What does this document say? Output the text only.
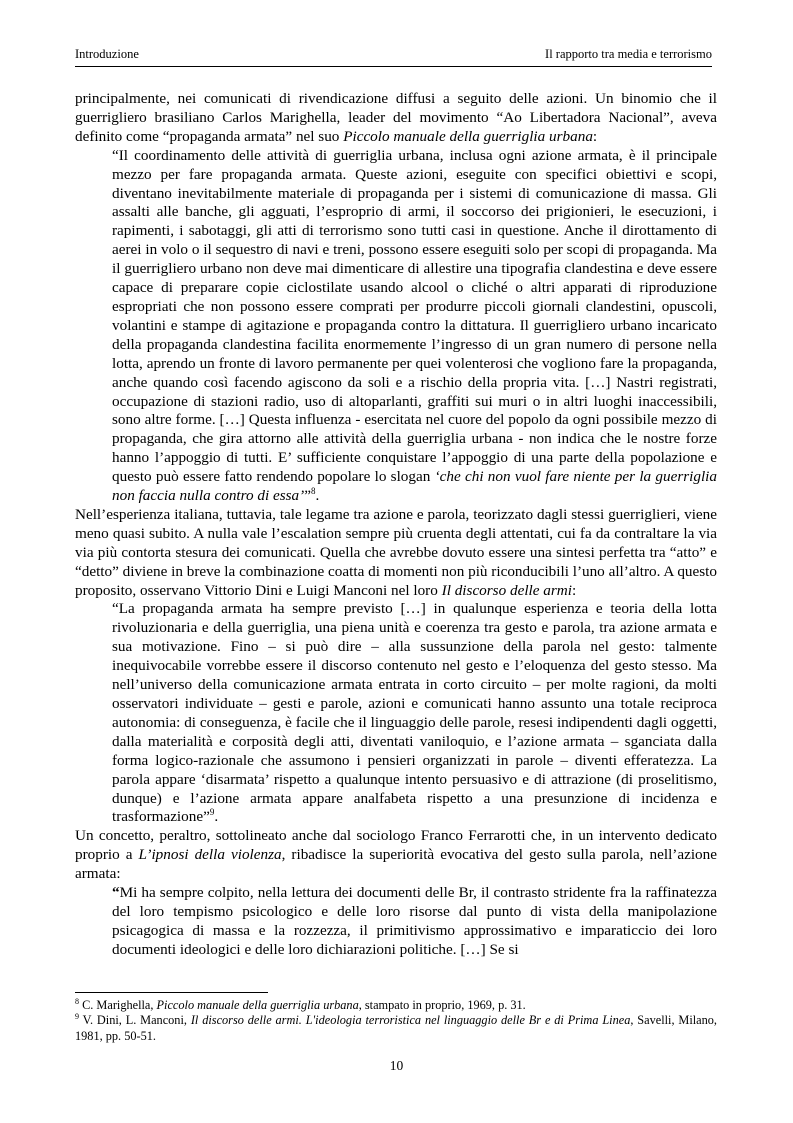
Introduzione	Il rapporto tra media e terrorismo

principalmente, nei comunicati di rivendicazione diffusi a seguito delle azioni. Un binomio che il guerrigliero brasiliano Carlos Marighella, leader del movimento “Ao Libertadora Nacional”, aveva definito come “propaganda armata” nel suo Piccolo manuale della guerriglia urbana:

“Il coordinamento delle attività di guerriglia urbana, inclusa ogni azione armata, è il principale mezzo per fare propaganda armata. Queste azioni, eseguite con specifici obiettivi e scopi, diventano inevitabilmente materiale di propaganda per i sistemi di comunicazione di massa. Gli assalti alle banche, gli agguati, l’esproprio di armi, il soccorso dei prigionieri, le esecuzioni, i rapimenti, i sabotaggi, gli atti di terrorismo sono tutti casi in questione. Anche il dirottamento di aerei in volo o il sequestro di navi e treni, possono essere eseguiti solo per scopi di propaganda. Ma il guerrigliero urbano non deve mai dimenticare di allestire una tipografia clandestina e deve essere capace di preparare copie ciclostilate usando alcool o cliché o altri apparati di riproduzione espropriati che non possono essere comprati per produrre piccoli giornali clandestini, opuscoli, volantini e stampe di agitazione e propaganda contro la dittatura. Il guerrigliero urbano incaricato della propaganda clandestina facilita enormemente l’ingresso di un gran numero di persone nella lotta, aprendo un fronte di lavoro permanente per quei volenterosi che vogliono fare la propaganda, anche quando così facendo agiscono da soli e a rischio della propria vita. […] Nastri registrati, occupazione di stazioni radio, uso di altoparlanti, graffiti sui muri o in altri luoghi inaccessibili, sono altre forme. […] Questa influenza - esercitata nel cuore del popolo da ogni possibile mezzo di propaganda, che gira attorno alle attività della guerriglia urbana - non indica che le nostre forze hanno l’appoggio di tutti. E’ sufficiente conquistare l’appoggio di una parte della popolazione e questo può essere fatto rendendo popolare lo slogan ‘che chi non vuol fare niente per la guerriglia non faccia nulla contro di essa’”$^8$.

Nell’esperienza italiana, tuttavia, tale legame tra azione e parola, teorizzato dagli stessi guerriglieri, viene meno quasi subito. A nulla vale l’escalation sempre più cruenta degli attentati, cui fa da contraltare la via via più contorta stesura dei comunicati. Quella che avrebbe dovuto essere una sintesi perfetta tra “atto” e “detto” diviene in breve la combinazione coatta di momenti non più riconducibili l’uno all’altro. A questo proposito, osservano Vittorio Dini e Luigi Manconi nel loro Il discorso delle armi:

“La propaganda armata ha sempre previsto […] in qualunque esperienza e teoria della lotta rivoluzionaria e della guerriglia, una piena unità e coerenza tra gesto e parola, tra azione armata e sua motivazione. Fino – si può dire – alla sussunzione della parola nel gesto: talmente inequivocabile vorrebbe essere il discorso contenuto nel gesto e l’eloquenza del gesto stesso. Ma nell’universo della comunicazione armata entrata in corto circuito – per molte ragioni, da molti osservatori individuate – gesti e parole, azioni e comunicati hanno assunto una totale reciproca autonomia: di conseguenza, è facile che il linguaggio delle parole, resesi indipendenti dagli oggetti, dalla materialità e corposità degli atti, diventati vaniloquio, e l’azione armata – sganciata dalla forma logico-razionale che assumono i pensieri organizzati in parole – diventi efferatezza. La parola appare ‘disarmata’ rispetto a qualunque intento persuasivo e di attrazione (di proselitismo, dunque) e l’azione armata appare analfabeta rispetto a una presunzione di incidenza e trasformazione”$^9$.

Un concetto, peraltro, sottolineato anche dal sociologo Franco Ferrarotti che, in un intervento dedicato proprio a L’ipnosi della violenza, ribadisce la superiorità evocativa del gesto sulla parola, nell’azione armata:

“Mi ha sempre colpito, nella lettura dei documenti delle Br, il contrasto stridente fra la raffinatezza del loro tempismo psicologico e delle loro risorse dal punto di vista della manipolazione psicagogica di massa e la rozzezza, il primitivismo approssimativo e imparaticcio dei loro documenti ideologici e delle loro dichiarazioni politiche. […] Se si

$^8$ C. Marighella, Piccolo manuale della guerriglia urbana, stampato in proprio, 1969, p. 31.

$^9$ V. Dini, L. Manconi, Il discorso delle armi. L'ideologia terroristica nel linguaggio delle Br e di Prima Linea, Savelli, Milano, 1981, pp. 50-51.

10
